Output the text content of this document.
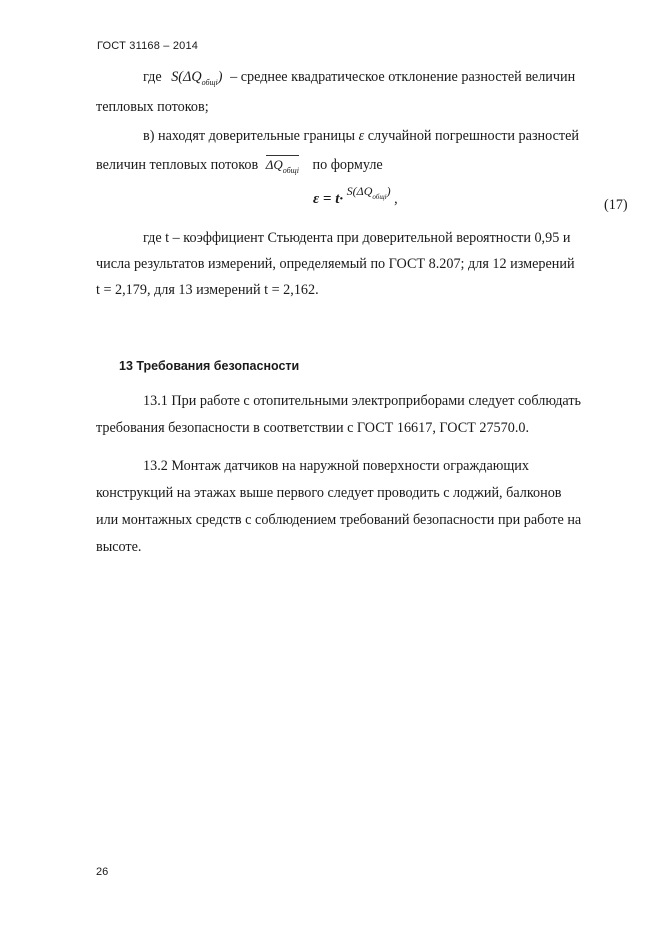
ГОСТ 31168 – 2014
где $S(\Delta Q_{общi})$ – среднее квадратическое отклонение разностей величин
тепловых потоков;
в) находят доверительные границы ε случайной погрешности разностей
величин тепловых потоков $\Delta Q_{общi}$ по формуле
ε = t· $^{S(\Delta Q_{общi})}$ ,	(17)
где t – коэффициент Стьюдента при доверительной вероятности 0,95 и
числа результатов измерений, определяемый по ГОСТ 8.207; для 12 измерений
t = 2,179, для 13 измерений t = 2,162.
13 Требования безопасности
13.1 При работе с отопительными электроприборами следует соблюдать
требования безопасности в соответствии с ГОСТ 16617, ГОСТ 27570.0.
13.2 Монтаж датчиков на наружной поверхности ограждающих
конструкций на этажах выше первого следует проводить с лоджий, балконов
или монтажных средств с соблюдением требований безопасности при работе на
высоте.
26
